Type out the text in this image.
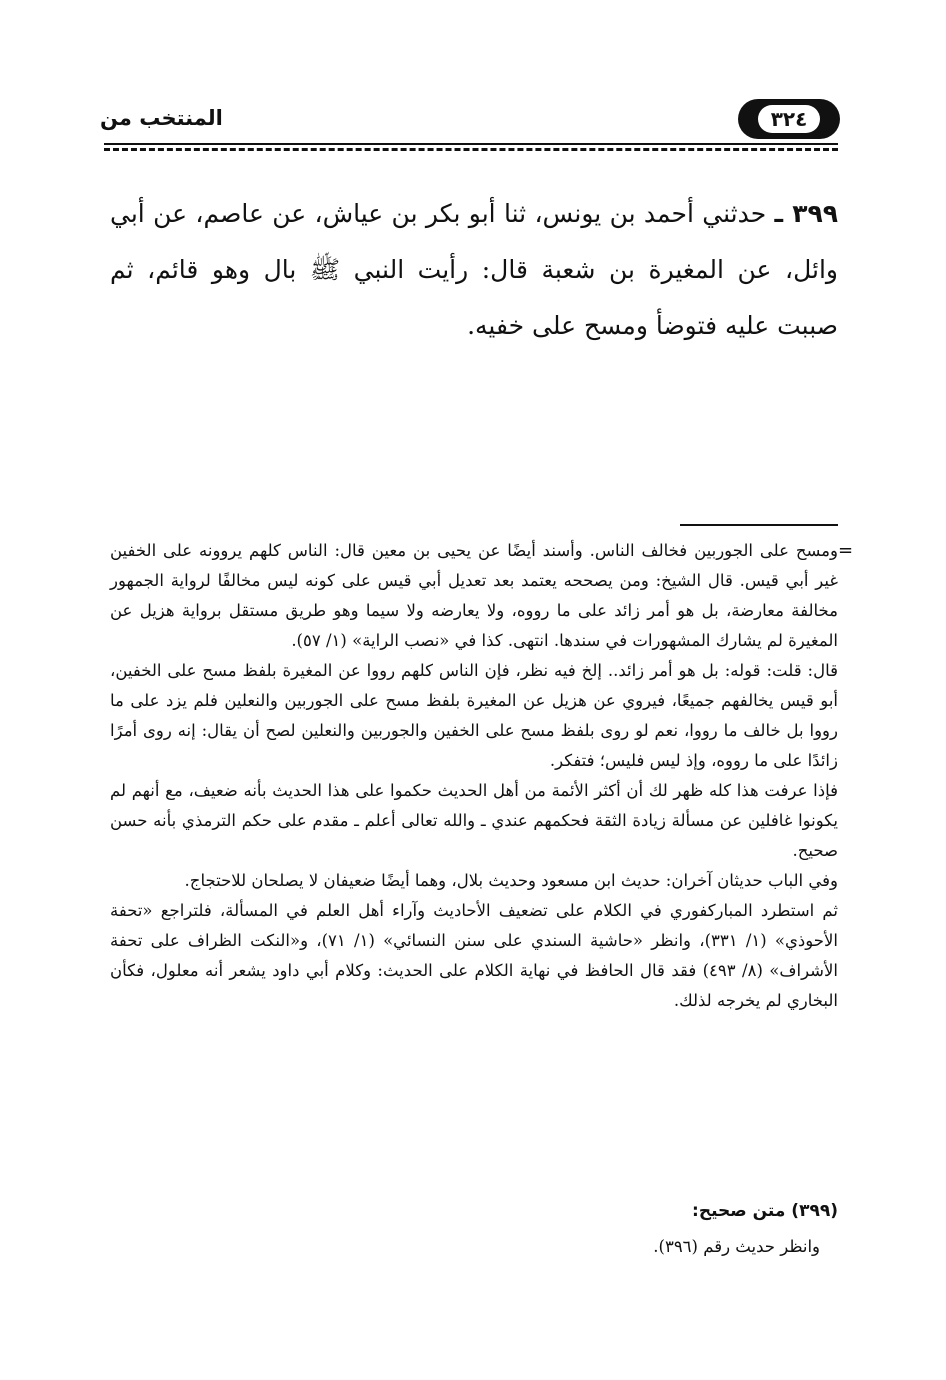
٣٢٤
المنتخب من
٣٩٩ ـ حدثني أحمد بن يونس، ثنا أبو بكر بن عياش، عن عاصم، عن أبي وائل، عن المغيرة بن شعبة قال: رأيت النبي ﷺ بال وهو قائم، ثم صببت عليه فتوضأ ومسح على خفيه.
=

ومسح على الجوربين فخالف الناس. وأسند أيضًا عن يحيى بن معين قال: الناس كلهم يروونه على الخفين غير أبي قيس. قال الشيخ: ومن يصححه يعتمد بعد تعديل أبي قيس على كونه ليس مخالفًا لرواية الجمهور مخالفة معارضة، بل هو أمر زائد على ما رووه، ولا يعارضه ولا سيما وهو طريق مستقل برواية هزيل عن المغيرة لم يشارك المشهورات في سندها. انتهى. كذا في «نصب الراية» (١/ ٥٧).

قال: قلت: قوله: بل هو أمر زائد.. إلخ فيه نظر، فإن الناس كلهم رووا عن المغيرة بلفظ مسح على الخفين، أبو قيس يخالفهم جميعًا، فيروي عن هزيل عن المغيرة بلفظ مسح على الجوربين والنعلين فلم يزد على ما رووا بل خالف ما رووا، نعم لو روى بلفظ مسح على الخفين والجوربين والنعلين لصح أن يقال: إنه روى أمرًا زائدًا على ما رووه، وإذ ليس فليس؛ فتفكر.

فإذا عرفت هذا كله ظهر لك أن أكثر الأئمة من أهل الحديث حكموا على هذا الحديث بأنه ضعيف، مع أنهم لم يكونوا غافلين عن مسألة زيادة الثقة فحكمهم عندي ـ والله تعالى أعلم ـ مقدم على حكم الترمذي بأنه حسن صحيح.

وفي الباب حديثان آخران: حديث ابن مسعود وحديث بلال، وهما أيضًا ضعيفان لا يصلحان للاحتجاج.

ثم استطرد المباركفوري في الكلام على تضعيف الأحاديث وآراء أهل العلم في المسألة، فلتراجع «تحفة الأحوذي» (١/ ٣٣١)، وانظر «حاشية السندي على سنن النسائي» (١/ ٧١)، و«النكت الظراف على تحفة الأشراف» (٨/ ٤٩٣) فقد قال الحافظ في نهاية الكلام على الحديث: وكلام أبي داود يشعر أنه معلول، فكأن البخاري لم يخرجه لذلك.

(٣٩٩) متن صحيح:
وانظر حديث رقم (٣٩٦).
